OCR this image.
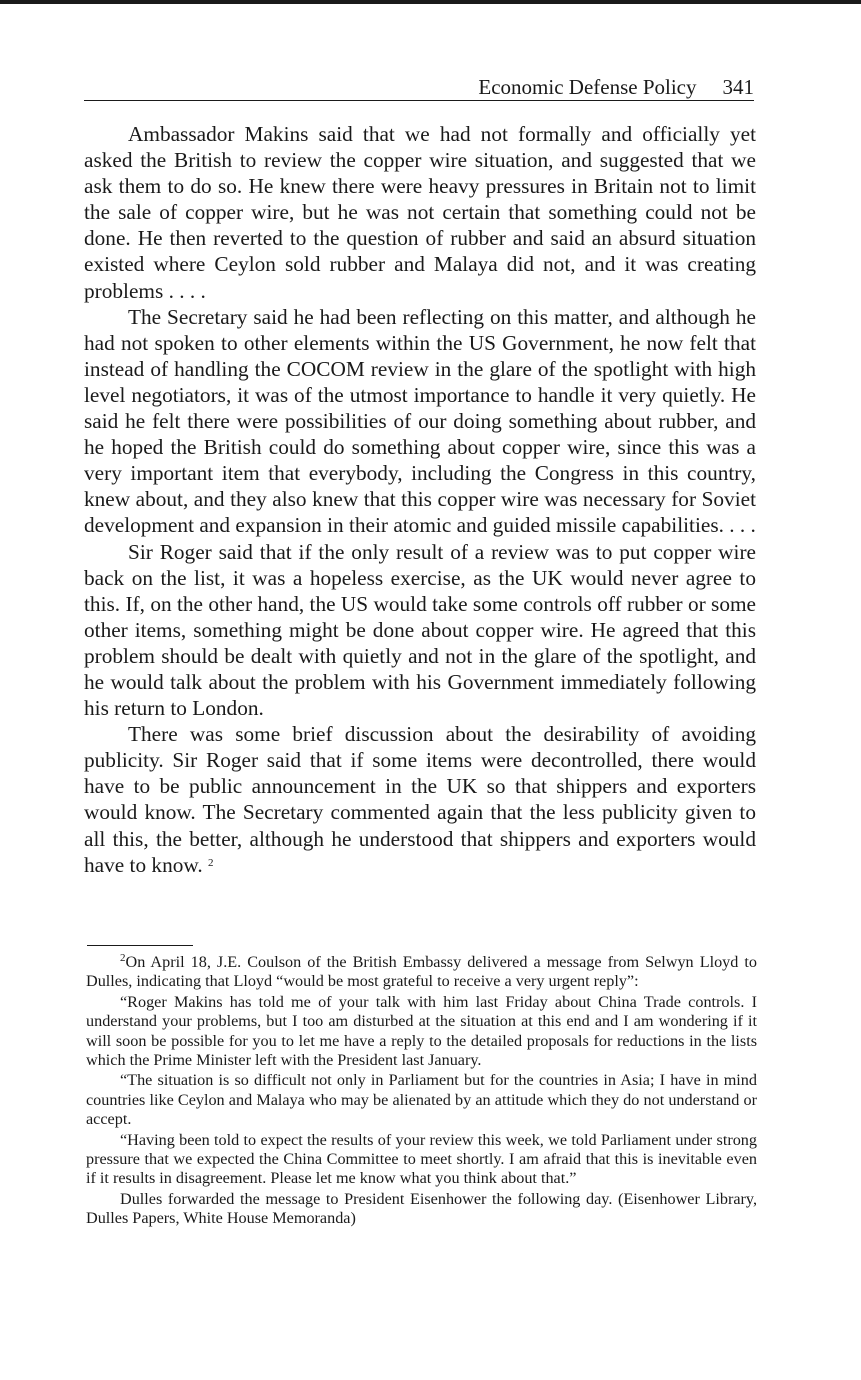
Economic Defense Policy 341

Ambassador Makins said that we had not formally and officially yet asked the British to review the copper wire situation, and suggested that we ask them to do so. He knew there were heavy pressures in Britain not to limit the sale of copper wire, but he was not certain that something could not be done. He then reverted to the question of rubber and said an absurd situation existed where Ceylon sold rubber and Malaya did not, and it was creating problems . . . .

The Secretary said he had been reflecting on this matter, and although he had not spoken to other elements within the US Government, he now felt that instead of handling the COCOM review in the glare of the spotlight with high level negotiators, it was of the utmost importance to handle it very quietly. He said he felt there were possibilities of our doing something about rubber, and he hoped the British could do something about copper wire, since this was a very important item that everybody, including the Congress in this country, knew about, and they also knew that this copper wire was necessary for Soviet development and expansion in their atomic and guided missile capabilities. . . .

Sir Roger said that if the only result of a review was to put copper wire back on the list, it was a hopeless exercise, as the UK would never agree to this. If, on the other hand, the US would take some controls off rubber or some other items, something might be done about copper wire. He agreed that this problem should be dealt with quietly and not in the glare of the spotlight, and he would talk about the problem with his Government immediately following his return to London.

There was some brief discussion about the desirability of avoiding publicity. Sir Roger said that if some items were decontrolled, there would have to be public announcement in the UK so that shippers and exporters would know. The Secretary commented again that the less publicity given to all this, the better, although he understood that shippers and exporters would have to know. $^2$

$^2$On April 18, J.E. Coulson of the British Embassy delivered a message from Selwyn Lloyd to Dulles, indicating that Lloyd “would be most grateful to receive a very urgent reply”:

“Roger Makins has told me of your talk with him last Friday about China Trade controls. I understand your problems, but I too am disturbed at the situation at this end and I am wondering if it will soon be possible for you to let me have a reply to the detailed proposals for reductions in the lists which the Prime Minister left with the President last January.

“The situation is so difficult not only in Parliament but for the countries in Asia; I have in mind countries like Ceylon and Malaya who may be alienated by an attitude which they do not understand or accept.

“Having been told to expect the results of your review this week, we told Parliament under strong pressure that we expected the China Committee to meet shortly. I am afraid that this is inevitable even if it results in disagreement. Please let me know what you think about that.”

Dulles forwarded the message to President Eisenhower the following day. (Eisenhower Library, Dulles Papers, White House Memoranda)
